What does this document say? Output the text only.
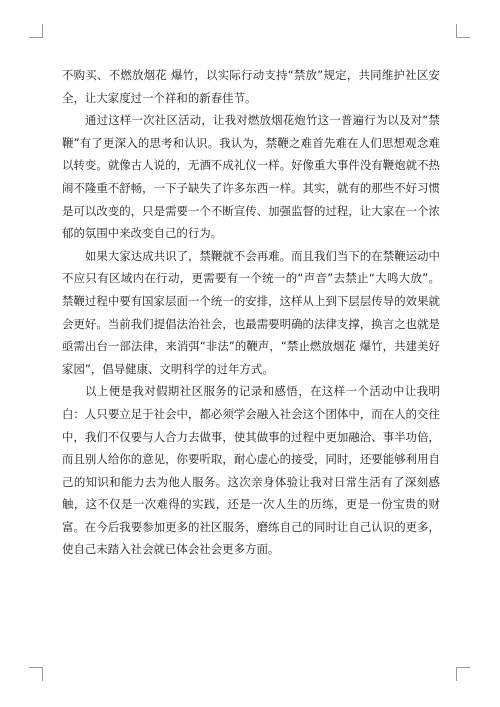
不购买、不燃放烟花 爆竹，以实际行动支持“禁放”规定，共同维护社区安全，让大家度过一个祥和的新春佳节。

通过这样一次社区活动，让我对燃放烟花炮竹这一普遍行为以及对“禁鞭”有了更深入的思考和认识。我认为，禁鞭之难首先难在人们思想观念难以转变。就像古人说的，无酒不成礼仪一样。好像重大事件没有鞭炮就不热闹不隆重不舒畅，一下子缺失了许多东西一样。其实，就有的那些不好习惯是可以改变的，只是需要一个不断宣传、加强监督的过程，让大家在一个浓郁的氛围中来改变自己的行为。

如果大家达成共识了，禁鞭就不会再难。而且我们当下的在禁鞭运动中不应只有区域内在行动，更需要有一个统一的“声音”去禁止“大鸣大放”。禁鞭过程中要有国家层面一个统一的安排，这样从上到下层层传导的效果就会更好。当前我们提倡法治社会，也最需要明确的法律支撑，换言之也就是亟需出台一部法律，来消弭“非法”的鞭声，“禁止燃放烟花 爆竹，共建美好家园”，倡导健康、文明科学的过年方式。

以上便是我对假期社区服务的记录和感悟，在这样一个活动中让我明白：人只要立足于社会中，都必须学会融入社会这个团体中，而在人的交往中，我们不仅要与人合力去做事，使其做事的过程中更加融洽、事半功倍，而且别人给你的意见，你要听取，耐心虚心的接受，同时，还要能够利用自己的知识和能力去为他人服务。这次亲身体验让我对日常生活有了深刻感触，这不仅是一次难得的实践，还是一次人生的历练，更是一份宝贵的财富。在今后我要参加更多的社区服务，磨练自己的同时让自己认识的更多，使自己未踏入社会就已体会社会更多方面。
